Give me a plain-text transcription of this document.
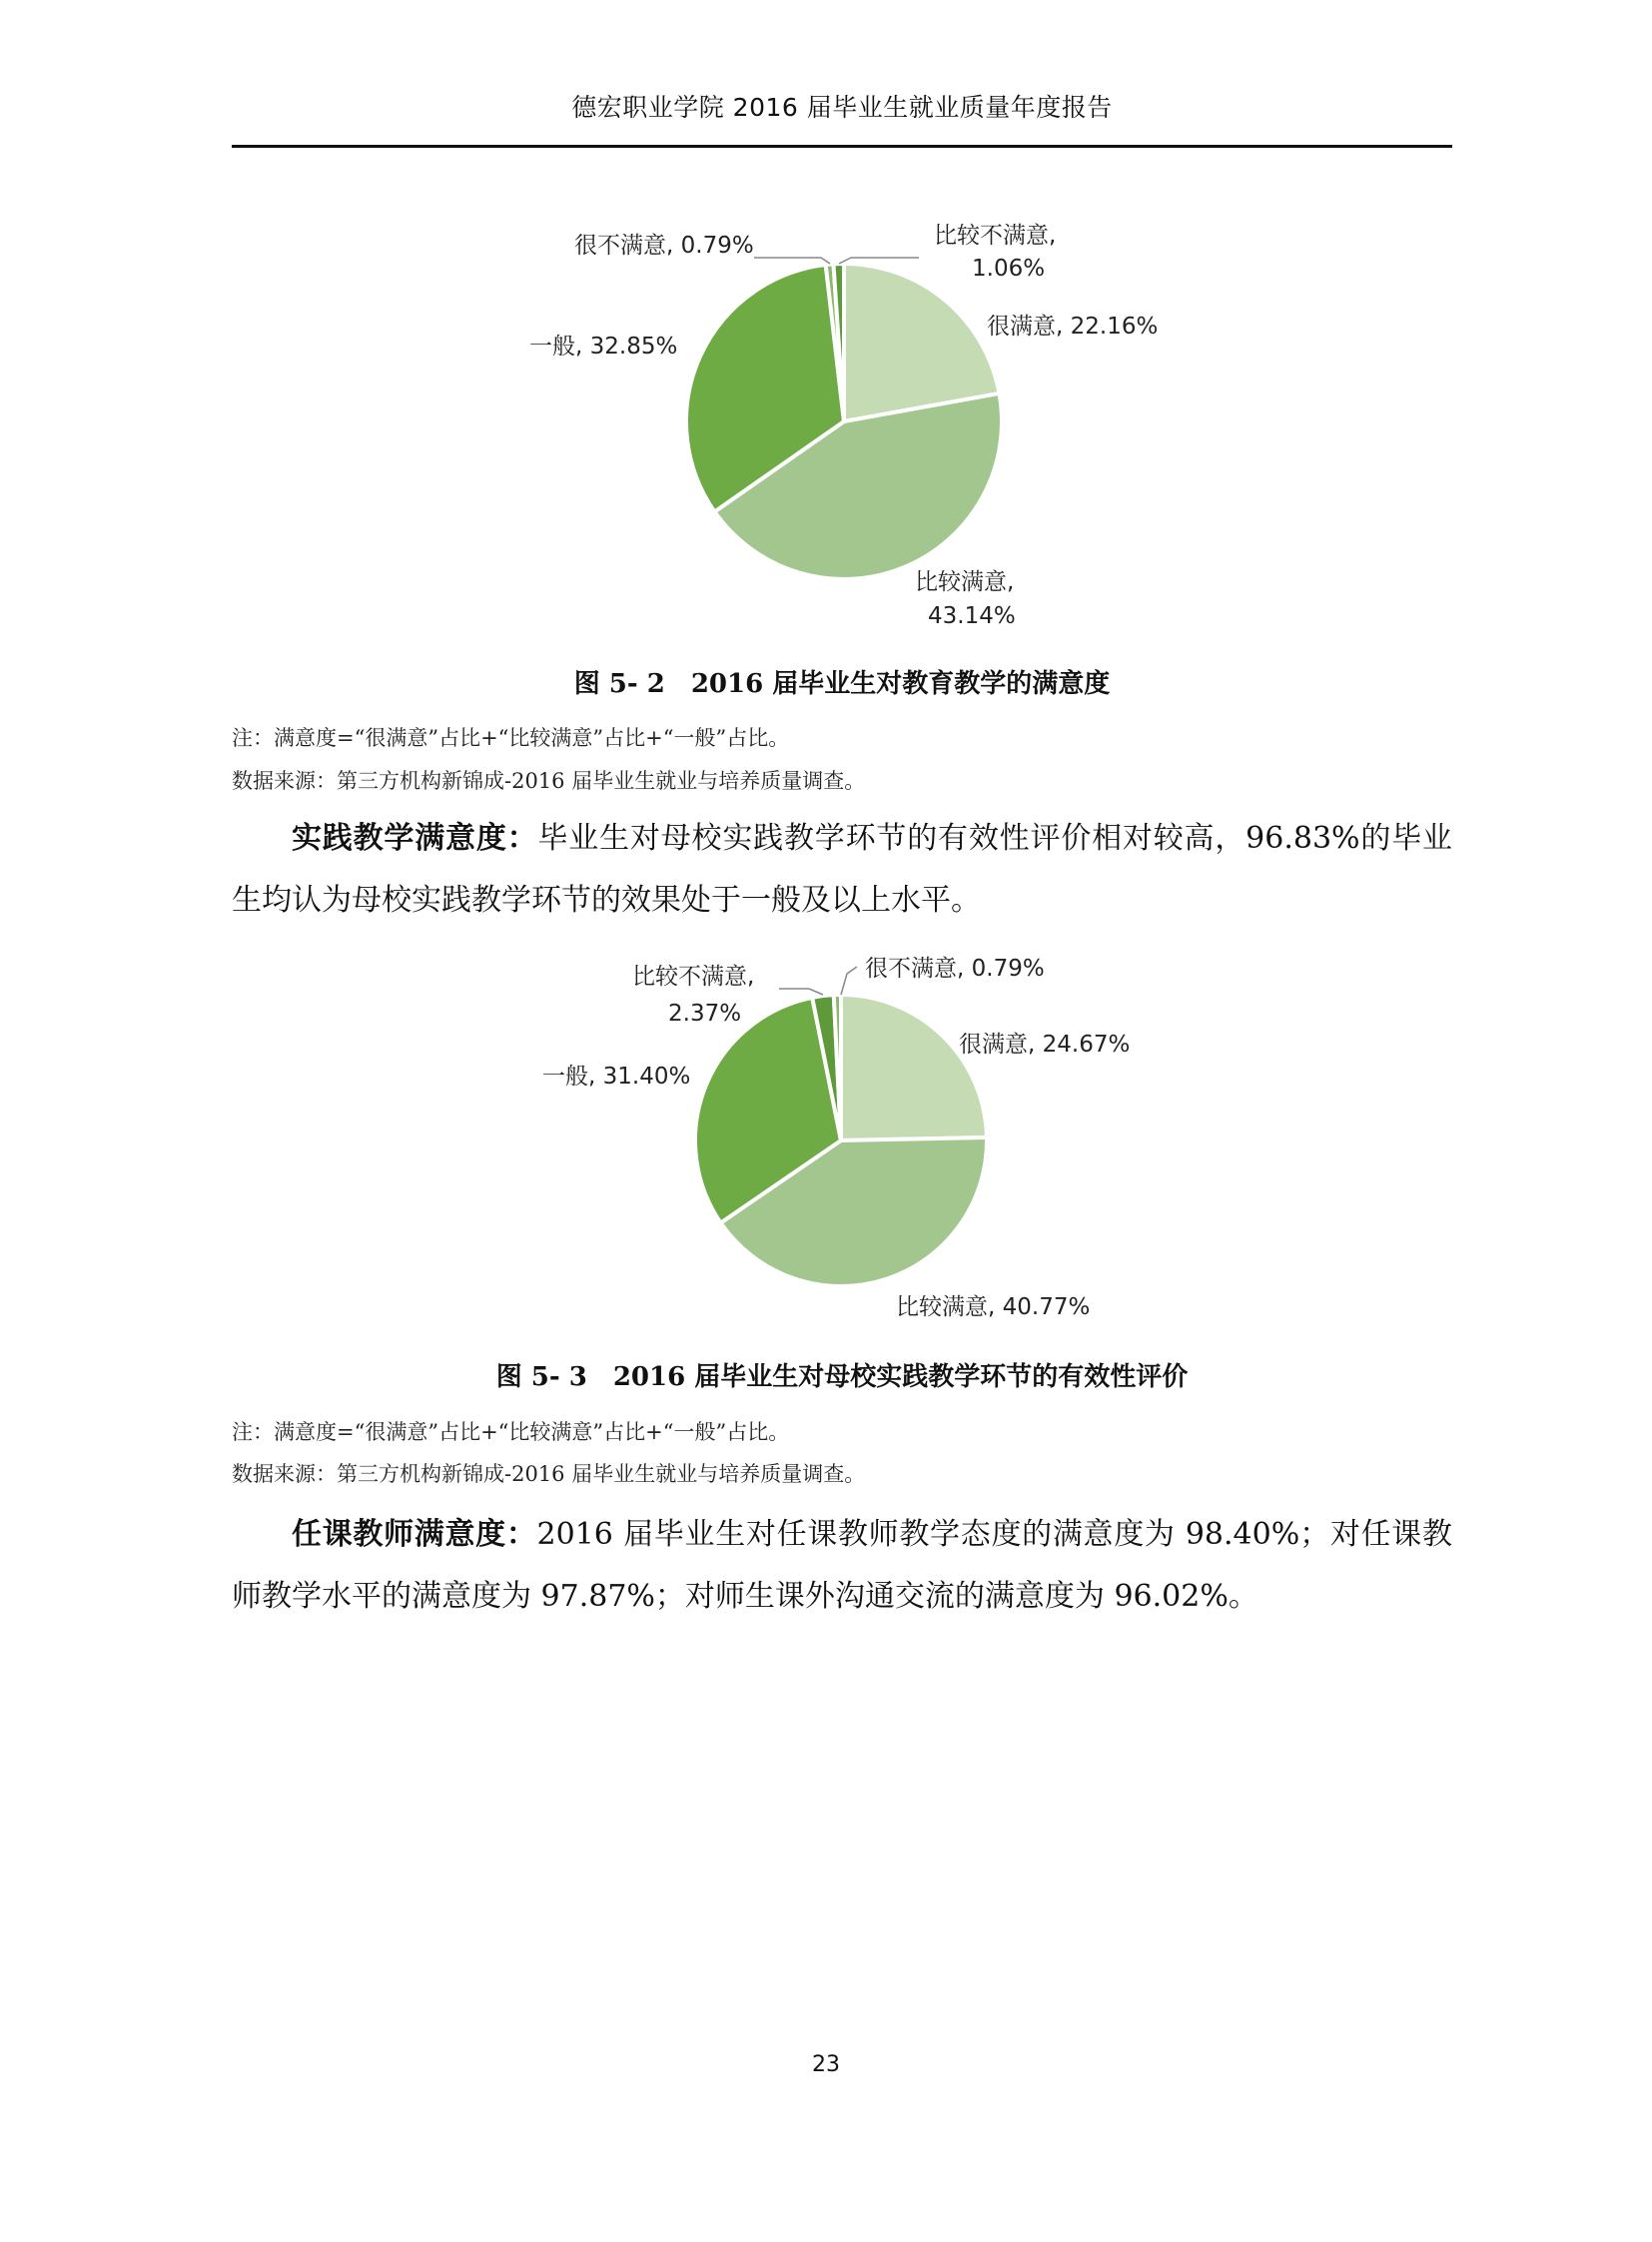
德宏职业学院 2016 届毕业生就业质量年度报告
很不满意, 0.79%	比较不满意,
1.06%
很满意, 22.16%
一般, 32.85%
比较满意,
43.14%
图 5- 2　2016 届毕业生对教育教学的满意度
注：满意度=“很满意”占比+“比较满意”占比+“一般”占比。
数据来源：第三方机构新锦成-2016 届毕业生就业与培养质量调查。
实践教学满意度：毕业生对母校实践教学环节的有效性评价相对较高，96.83%的毕业生均认为母校实践教学环节的效果处于一般及以上水平。
比较不满意,
2.37%
很不满意, 0.79%
很满意, 24.67%
一般, 31.40%
比较满意, 40.77%
图 5- 3　2016 届毕业生对母校实践教学环节的有效性评价
注：满意度=“很满意”占比+“比较满意”占比+“一般”占比。
数据来源：第三方机构新锦成-2016 届毕业生就业与培养质量调查。
任课教师满意度：2016 届毕业生对任课教师教学态度的满意度为 98.40%；对任课教师教学水平的满意度为 97.87%；对师生课外沟通交流的满意度为 96.02%。
23
